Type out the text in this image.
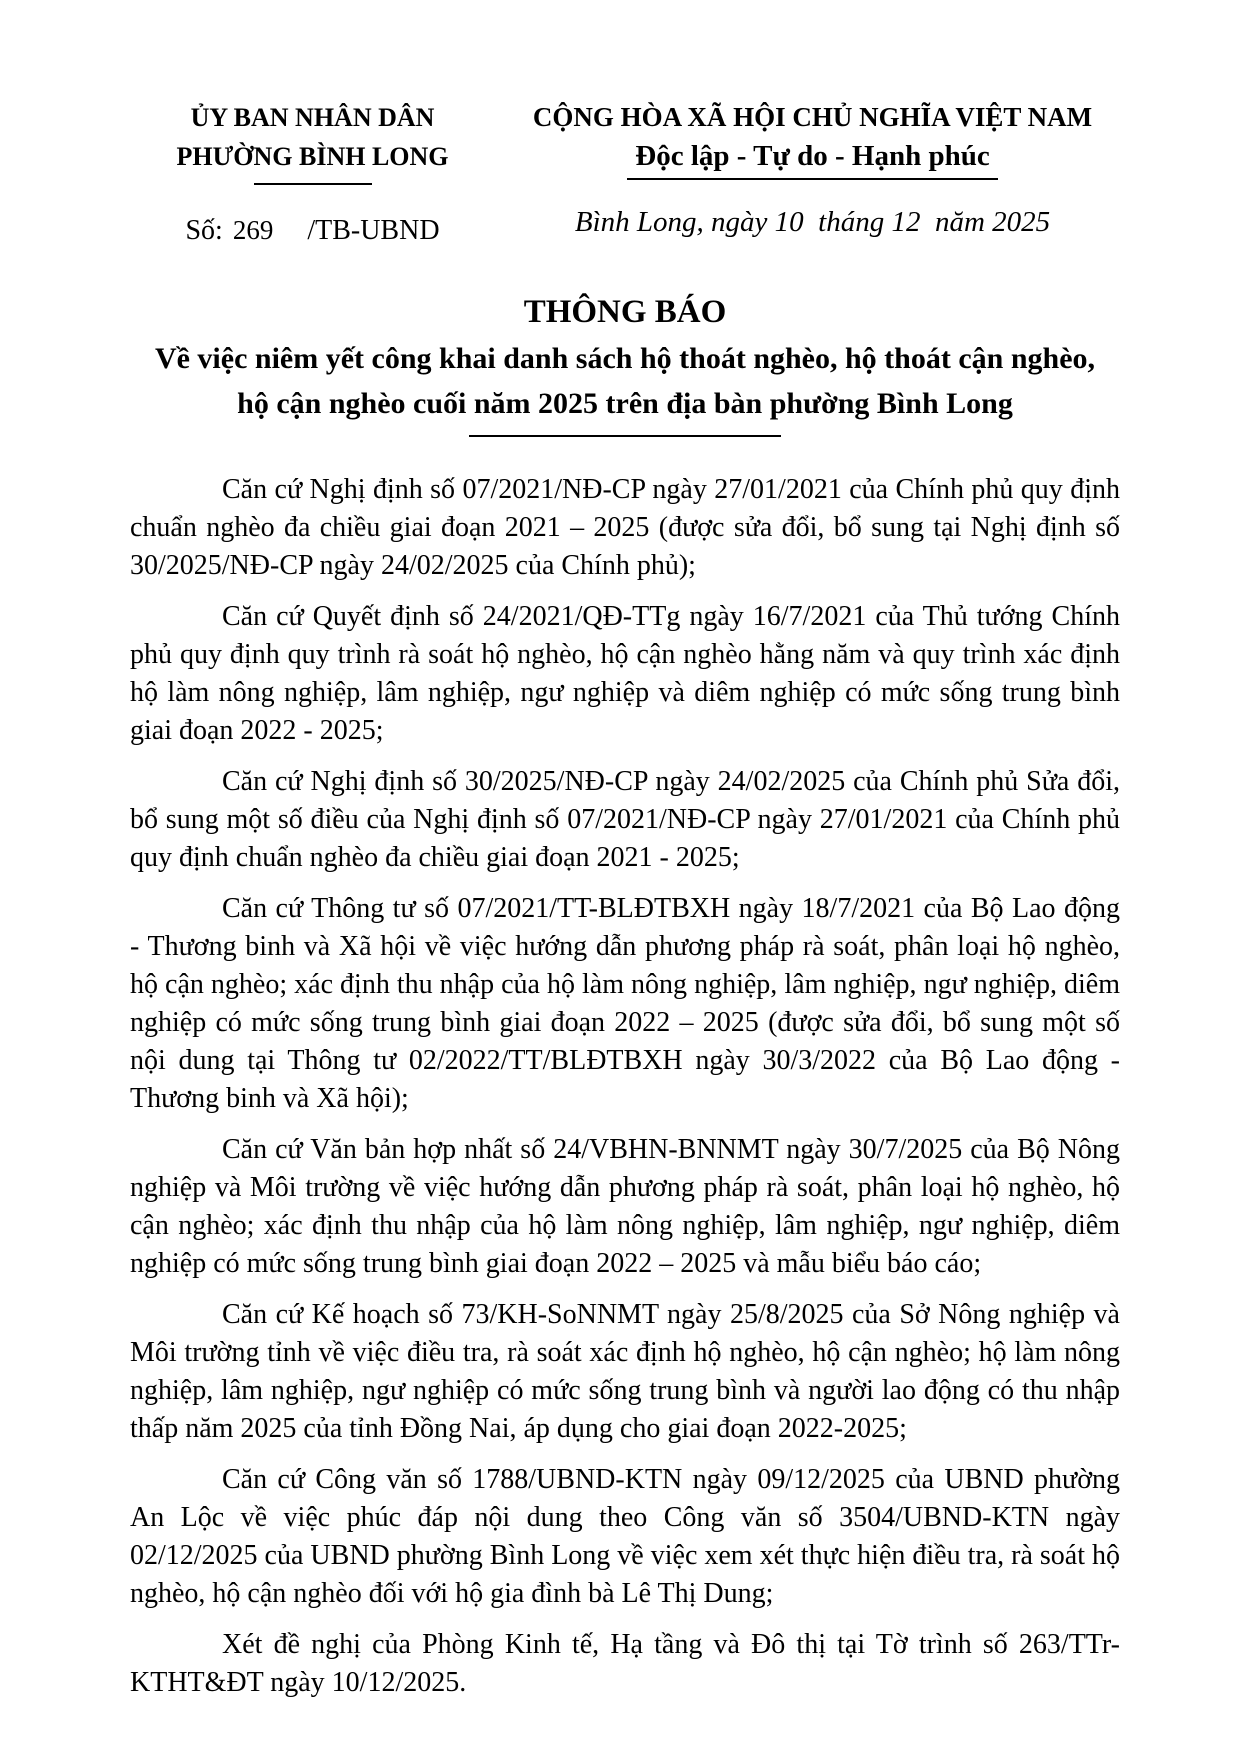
ỦY BAN NHÂN DÂN
PHƯỜNG BÌNH LONG
Số: 269 /TB-UBND
CỘNG HÒA XÃ HỘI CHỦ NGHĨA VIỆT NAM
Độc lập - Tự do - Hạnh phúc
Bình Long, ngày 10  tháng 12  năm 2025
THÔNG BÁO
Về việc niêm yết công khai danh sách hộ thoát nghèo, hộ thoát cận nghèo,
hộ cận nghèo cuối năm 2025 trên địa bàn phường Bình Long

Căn cứ Nghị định số 07/2021/NĐ-CP ngày 27/01/2021 của Chính phủ quy định chuẩn nghèo đa chiều giai đoạn 2021 – 2025 (được sửa đổi, bổ sung tại Nghị định số 30/2025/NĐ-CP ngày 24/02/2025 của Chính phủ);

Căn cứ Quyết định số 24/2021/QĐ-TTg ngày 16/7/2021 của Thủ tướng Chính phủ quy định quy trình rà soát hộ nghèo, hộ cận nghèo hằng năm và quy trình xác định hộ làm nông nghiệp, lâm nghiệp, ngư nghiệp và diêm nghiệp có mức sống trung bình giai đoạn 2022 - 2025;

Căn cứ Nghị định số 30/2025/NĐ-CP ngày 24/02/2025 của Chính phủ Sửa đổi, bổ sung một số điều của Nghị định số 07/2021/NĐ-CP ngày 27/01/2021 của Chính phủ quy định chuẩn nghèo đa chiều giai đoạn 2021 - 2025;

Căn cứ Thông tư số 07/2021/TT-BLĐTBXH ngày 18/7/2021 của Bộ Lao động - Thương binh và Xã hội về việc hướng dẫn phương pháp rà soát, phân loại hộ nghèo, hộ cận nghèo; xác định thu nhập của hộ làm nông nghiệp, lâm nghiệp, ngư nghiệp, diêm nghiệp có mức sống trung bình giai đoạn 2022 – 2025 (được sửa đổi, bổ sung một số nội dung tại Thông tư 02/2022/TT/BLĐTBXH ngày 30/3/2022 của Bộ Lao động - Thương binh và Xã hội);

Căn cứ Văn bản hợp nhất số 24/VBHN-BNNMT ngày 30/7/2025 của Bộ Nông nghiệp và Môi trường về việc hướng dẫn phương pháp rà soát, phân loại hộ nghèo, hộ cận nghèo; xác định thu nhập của hộ làm nông nghiệp, lâm nghiệp, ngư nghiệp, diêm nghiệp có mức sống trung bình giai đoạn 2022 – 2025 và mẫu biểu báo cáo;

Căn cứ Kế hoạch số 73/KH-SoNNMT ngày 25/8/2025 của Sở Nông nghiệp và Môi trường tỉnh về việc điều tra, rà soát xác định hộ nghèo, hộ cận nghèo; hộ làm nông nghiệp, lâm nghiệp, ngư nghiệp có mức sống trung bình và người lao động có thu nhập thấp năm 2025 của tỉnh Đồng Nai, áp dụng cho giai đoạn 2022-2025;

Căn cứ Công văn số 1788/UBND-KTN ngày 09/12/2025 của UBND phường An Lộc về việc phúc đáp nội dung theo Công văn số 3504/UBND-KTN ngày 02/12/2025 của UBND phường Bình Long về việc xem xét thực hiện điều tra, rà soát hộ nghèo, hộ cận nghèo đối với hộ gia đình bà Lê Thị Dung;

Xét đề nghị của Phòng Kinh tế, Hạ tầng và Đô thị tại Tờ trình số 263/TTr-KTHT&ĐT ngày 10/12/2025.
